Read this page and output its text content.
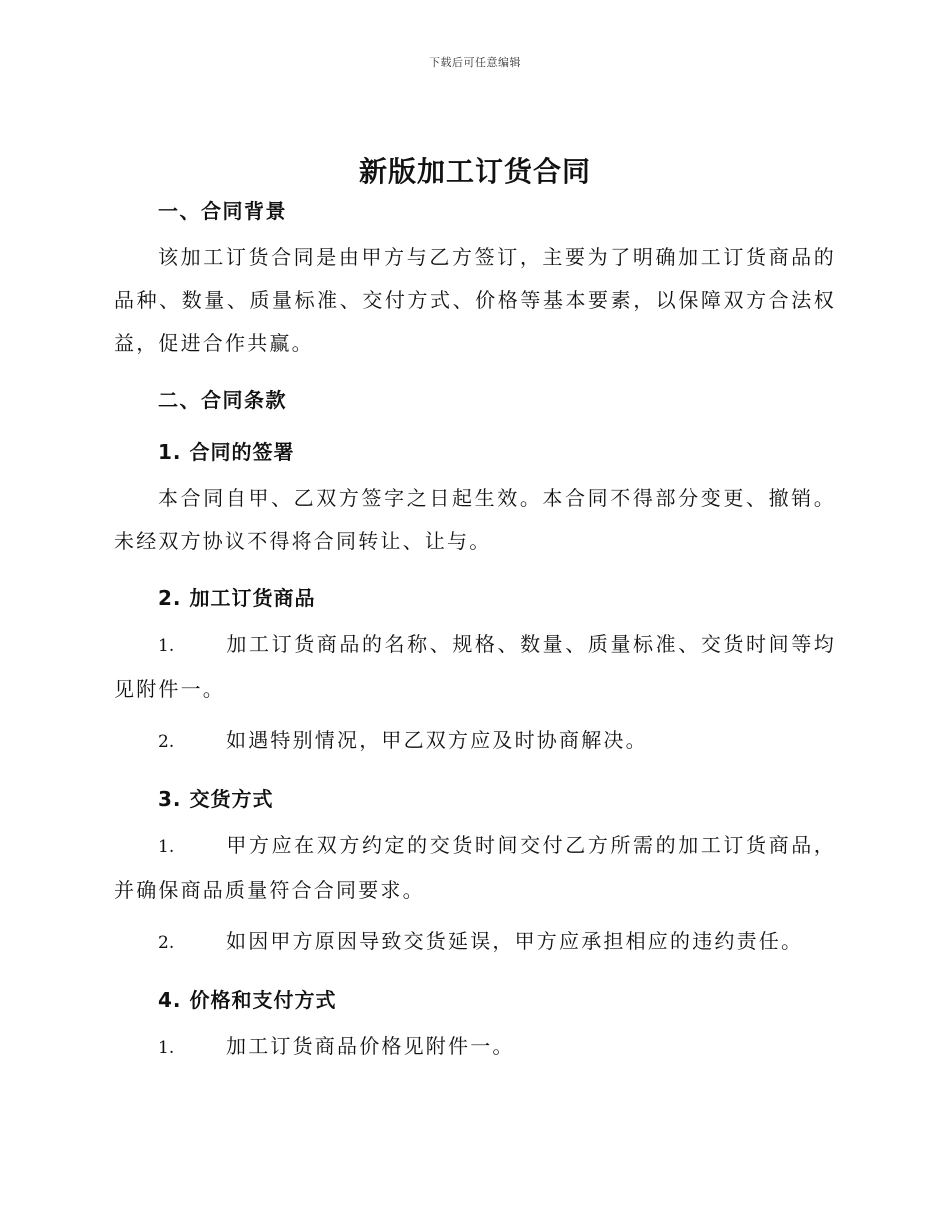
下载后可任意编辑
新版加工订货合同
一、合同背景
该加工订货合同是由甲方与乙方签订，主要为了明确加工订货商品的品种、数量、质量标准、交付方式、价格等基本要素，以保障双方合法权益，促进合作共赢。
二、合同条款
1. 合同的签署
本合同自甲、乙双方签字之日起生效。本合同不得部分变更、撤销。未经双方协议不得将合同转让、让与。
2. 加工订货商品
1.	加工订货商品的名称、规格、数量、质量标准、交货时间等均见附件一。
2.	如遇特别情况，甲乙双方应及时协商解决。
3. 交货方式
1.	甲方应在双方约定的交货时间交付乙方所需的加工订货商品，并确保商品质量符合合同要求。
2.	如因甲方原因导致交货延误，甲方应承担相应的违约责任。
4. 价格和支付方式
1.	加工订货商品价格见附件一。
